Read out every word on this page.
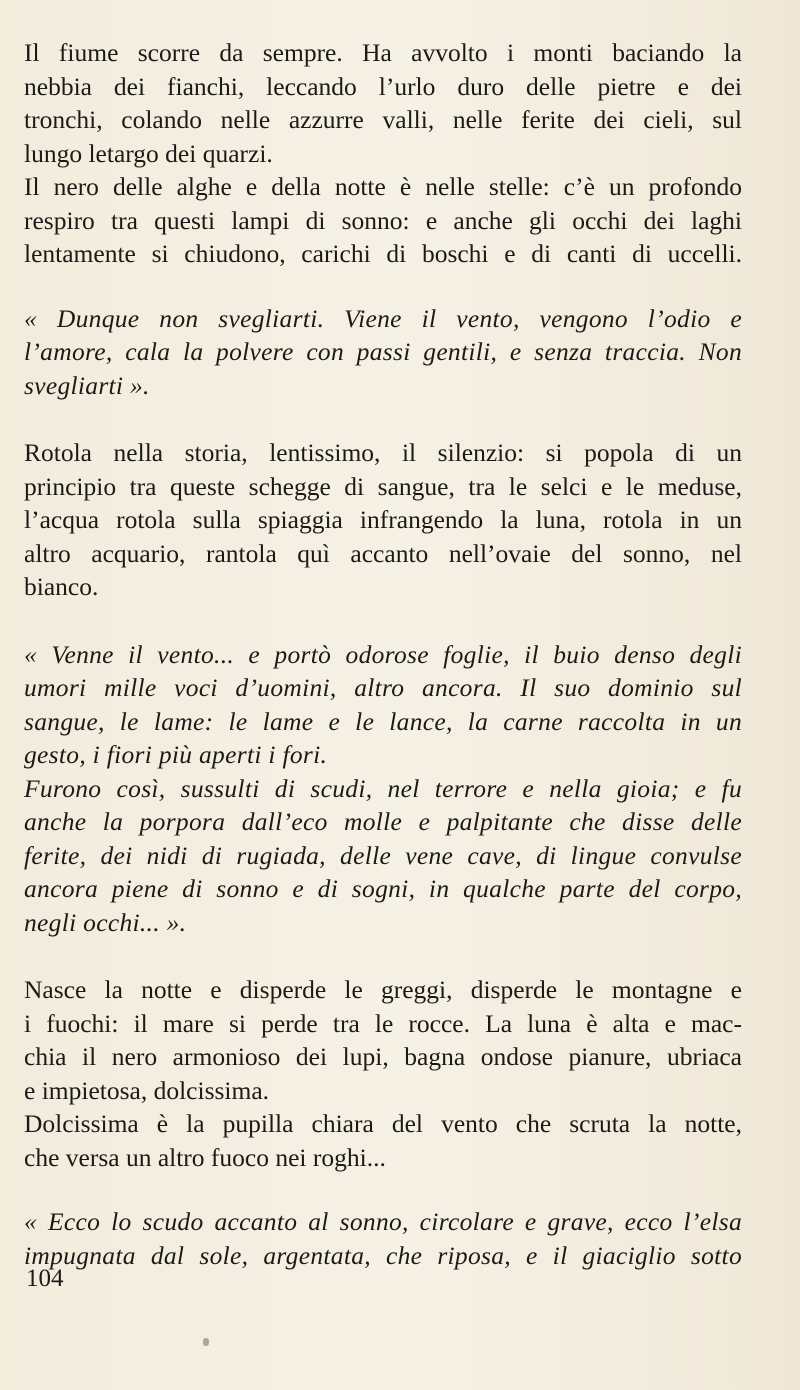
Il fiume scorre da sempre. Ha avvolto i monti baciando la
nebbia dei fianchi, leccando l’urlo duro delle pietre e dei
tronchi, colando nelle azzurre valli, nelle ferite dei cieli, sul
lungo letargo dei quarzi.
Il nero delle alghe e della notte è nelle stelle: c’è un profondo
respiro tra questi lampi di sonno: e anche gli occhi dei laghi
lentamente si chiudono, carichi di boschi e di canti di uccelli.
« Dunque non svegliarti. Viene il vento, vengono l’odio e
l’amore, cala la polvere con passi gentili, e senza traccia. Non
svegliarti ».
Rotola nella storia, lentissimo, il silenzio: si popola di un
principio tra queste schegge di sangue, tra le selci e le meduse,
l’acqua rotola sulla spiaggia infrangendo la luna, rotola in un
altro acquario, rantola quì accanto nell’ovaie del sonno, nel
bianco.
« Venne il vento... e portò odorose foglie, il buio denso degli
umori mille voci d’uomini, altro ancora. Il suo dominio sul
sangue, le lame: le lame e le lance, la carne raccolta in un
gesto, i fiori più aperti i fori.
Furono così, sussulti di scudi, nel terrore e nella gioia; e fu
anche la porpora dall’eco molle e palpitante che disse delle
ferite, dei nidi di rugiada, delle vene cave, di lingue convulse
ancora piene di sonno e di sogni, in qualche parte del corpo,
negli occhi... ».
Nasce la notte e disperde le greggi, disperde le montagne e
i fuochi: il mare si perde tra le rocce. La luna è alta e mac-
chia il nero armonioso dei lupi, bagna ondose pianure, ubriaca
e impietosa, dolcissima.
Dolcissima è la pupilla chiara del vento che scruta la notte,
che versa un altro fuoco nei roghi...
« Ecco lo scudo accanto al sonno, circolare e grave, ecco l’elsa
impugnata dal sole, argentata, che riposa, e il giaciglio sotto
104
